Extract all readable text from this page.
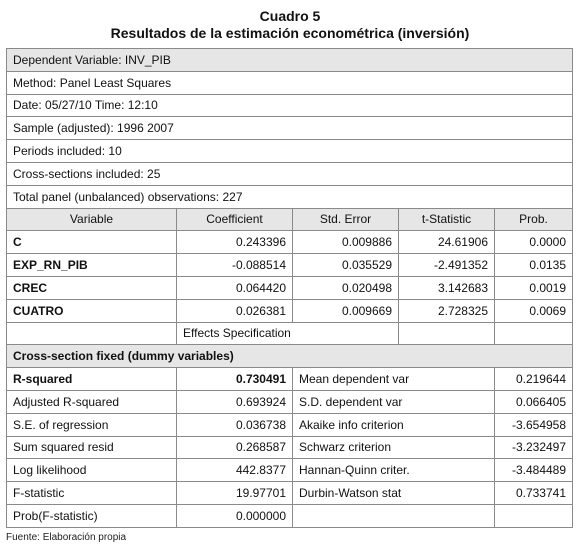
Cuadro 5
Resultados de la estimación econométrica (inversión)
Dependent Variable: INV_PIB				
Method: Panel Least Squares				
Date: 05/27/10 Time: 12:10				
Sample (adjusted): 1996 2007				
Periods included: 10				
Cross-sections included: 25				
Total panel (unbalanced) observations: 227				
Variable	Coefficient	Std. Error	t-Statistic	Prob.
C	0.243396	0.009886	24.61906	0.0000
EXP_RN_PIB	-0.088514	0.035529	-2.491352	0.0135
CREC	0.064420	0.020498	3.142683	0.0019
CUATRO	0.026381	0.009669	2.728325	0.0069
	Effects Specification			
Cross-section fixed (dummy variables)				
R-squared	0.730491	Mean dependent var		0.219644
Adjusted R-squared	0.693924	S.D. dependent var		0.066405
S.E. of regression	0.036738	Akaike info criterion		-3.654958
Sum squared resid	0.268587	Schwarz criterion		-3.232497
Log likelihood	442.8377	Hannan-Quinn criter.		-3.484489
F-statistic	19.97701	Durbin-Watson stat		0.733741
Prob(F-statistic)	0.000000			
Fuente: Elaboración propia
